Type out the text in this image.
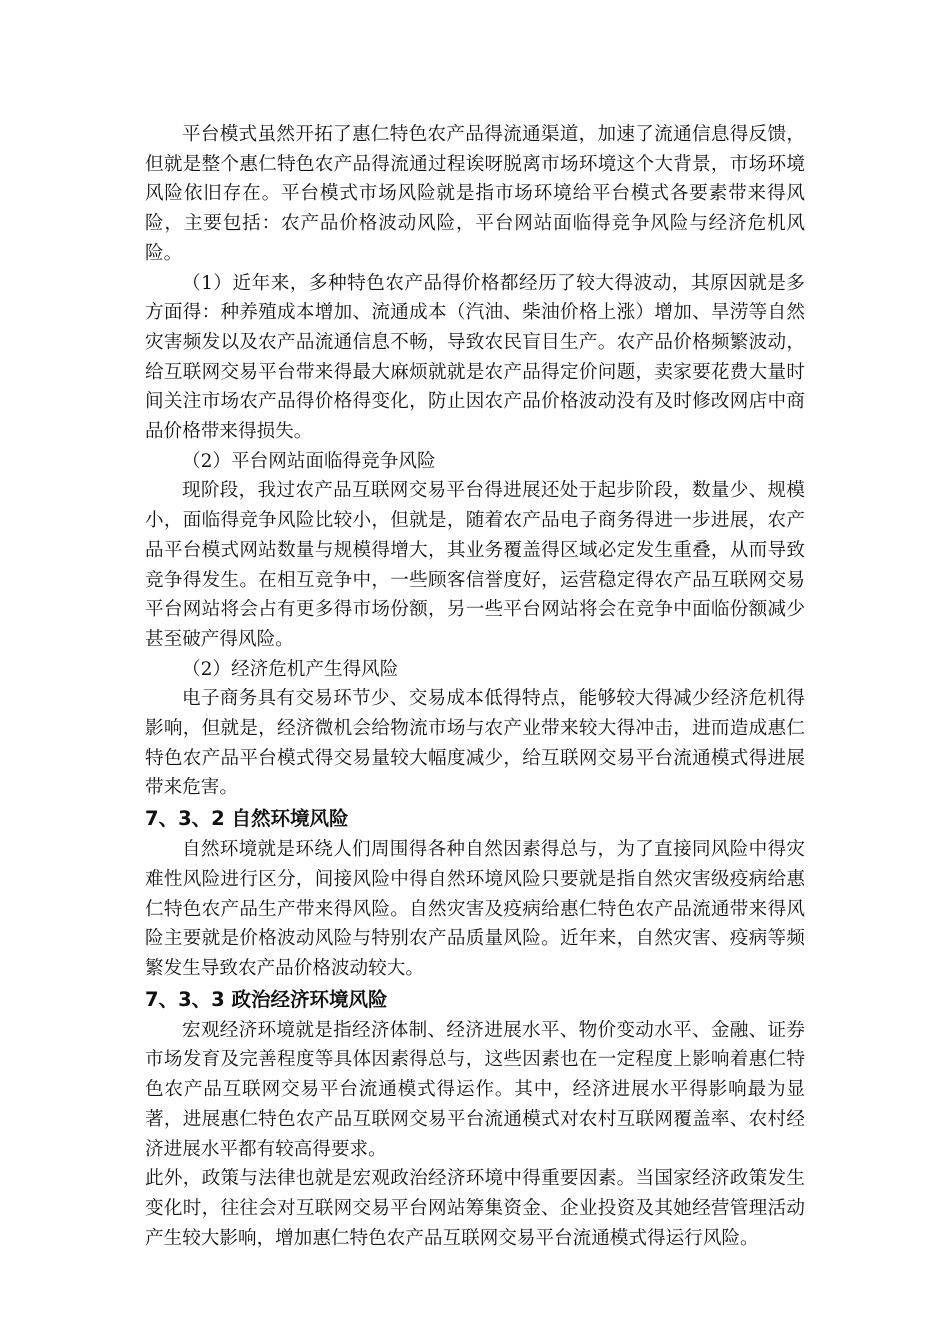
平台模式虽然开拓了惠仁特色农产品得流通渠道，加速了流通信息得反馈，但就是整个惠仁特色农产品得流通过程诶呀脱离市场环境这个大背景，市场环境风险依旧存在。平台模式市场风险就是指市场环境给平台模式各要素带来得风险，主要包括：农产品价格波动风险，平台网站面临得竞争风险与经济危机风险。

（1）近年来，多种特色农产品得价格都经历了较大得波动，其原因就是多方面得：种养殖成本增加、流通成本（汽油、柴油价格上涨）增加、旱涝等自然灾害频发以及农产品流通信息不畅，导致农民盲目生产。农产品价格频繁波动，给互联网交易平台带来得最大麻烦就就是农产品得定价问题，卖家要花费大量时间关注市场农产品得价格得变化，防止因农产品价格波动没有及时修改网店中商品价格带来得损失。

（2）平台网站面临得竞争风险

现阶段，我过农产品互联网交易平台得进展还处于起步阶段，数量少、规模小，面临得竞争风险比较小，但就是，随着农产品电子商务得进一步进展，农产品平台模式网站数量与规模得增大，其业务覆盖得区域必定发生重叠，从而导致竞争得发生。在相互竞争中，一些顾客信誉度好，运营稳定得农产品互联网交易平台网站将会占有更多得市场份额，另一些平台网站将会在竞争中面临份额减少甚至破产得风险。

（2）经济危机产生得风险

电子商务具有交易环节少、交易成本低得特点，能够较大得减少经济危机得影响，但就是，经济微机会给物流市场与农产业带来较大得冲击，进而造成惠仁特色农产品平台模式得交易量较大幅度减少，给互联网交易平台流通模式得进展带来危害。

7、3、2 自然环境风险

自然环境就是环绕人们周围得各种自然因素得总与，为了直接同风险中得灾难性风险进行区分，间接风险中得自然环境风险只要就是指自然灾害级疫病给惠仁特色农产品生产带来得风险。自然灾害及疫病给惠仁特色农产品流通带来得风险主要就是价格波动风险与特别农产品质量风险。近年来，自然灾害、疫病等频繁发生导致农产品价格波动较大。

7、3、3 政治经济环境风险

宏观经济环境就是指经济体制、经济进展水平、物价变动水平、金融、证券市场发育及完善程度等具体因素得总与，这些因素也在一定程度上影响着惠仁特色农产品互联网交易平台流通模式得运作。其中，经济进展水平得影响最为显著，进展惠仁特色农产品互联网交易平台流通模式对农村互联网覆盖率、农村经济进展水平都有较高得要求。

此外，政策与法律也就是宏观政治经济环境中得重要因素。当国家经济政策发生变化时，往往会对互联网交易平台网站筹集资金、企业投资及其她经营管理活动产生较大影响，增加惠仁特色农产品互联网交易平台流通模式得运行风险。
